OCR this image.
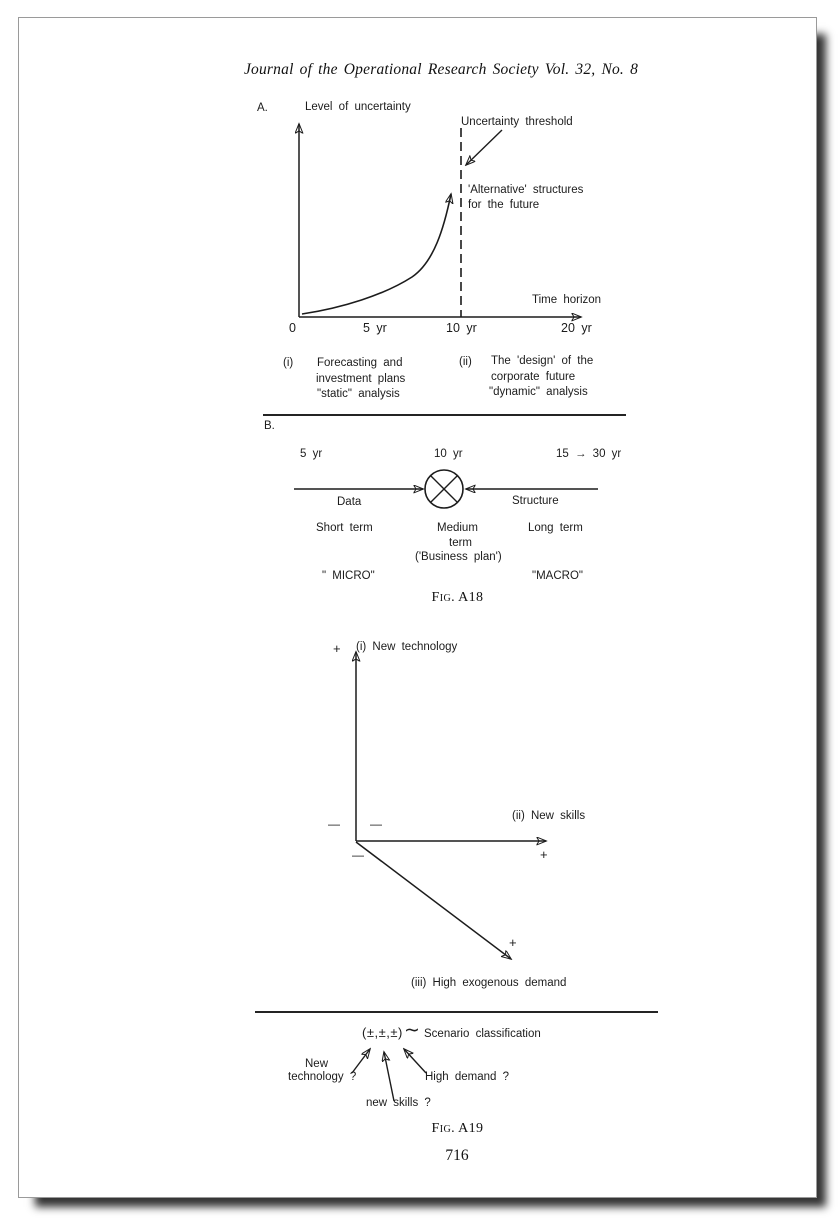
Journal of the Operational Research Society Vol. 32, No. 8
A.	Level of uncertainty
Uncertainty threshold
'Alternative' structures
for the future
Time horizon
0	5 yr	10 yr	20 yr
(i) Forecasting and
investment plans
"static" analysis
(ii) The 'design' of the
corporate future
"dynamic" analysis
B.
5 yr	10 yr	15 → 30 yr
Data	Structure
Short term	Medium
term
('Business plan')
Long term
" MICRO"	"MACRO"
Fig. A18
+ (i) New technology
(ii) New skills
+
—	—
—
+
(iii) High exogenous demand
(±,±,±) ∼ Scenario classification
New
technology ?
new skills ?
High demand ?
Fig. A19
716
